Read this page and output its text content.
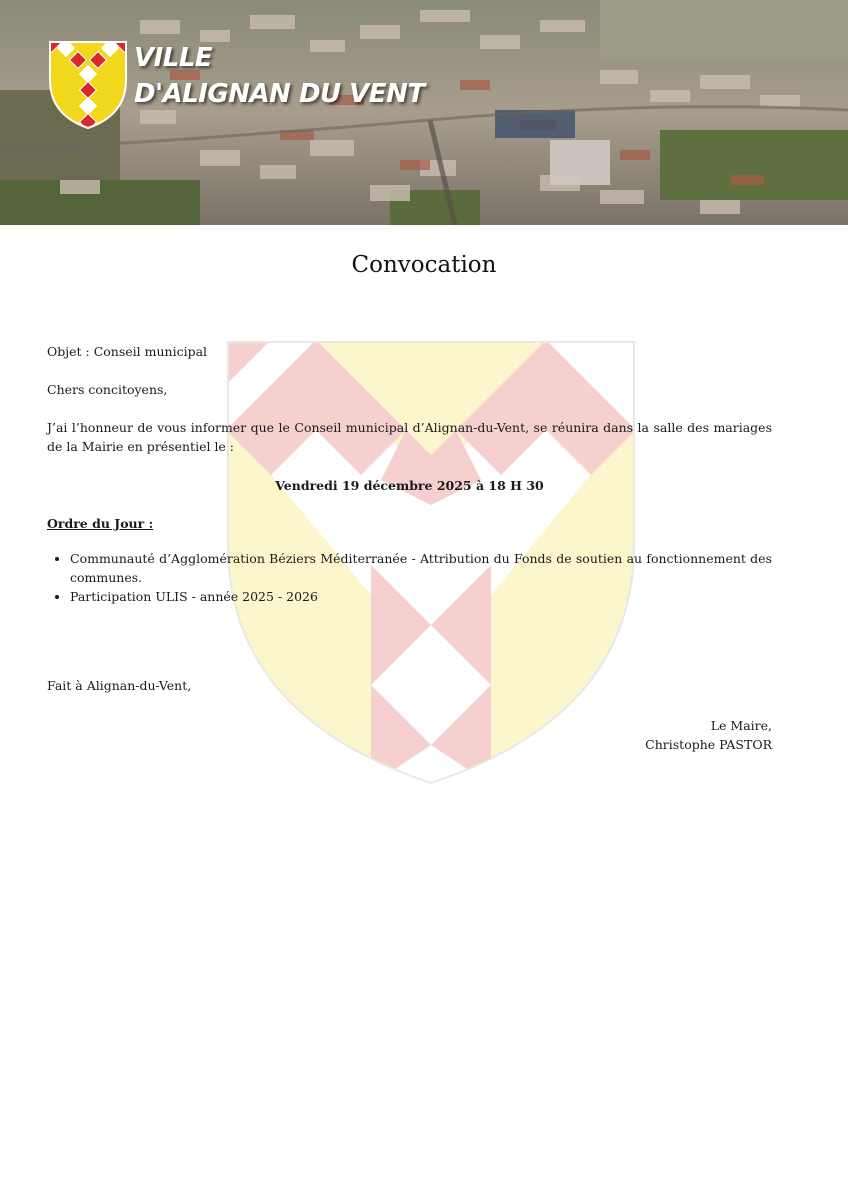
VILLE
D'ALIGNAN DU VENT
Convocation

Objet : Conseil municipal

Chers concitoyens,

J’ai l’honneur de vous informer que le Conseil municipal d’Alignan-du-Vent, se réunira dans la salle des mariages de la Mairie en présentiel le :

Vendredi 19 décembre 2025 à 18 H 30

Ordre du Jour :

• Communauté d’Agglomération Béziers Méditerranée - Attribution du Fonds de soutien au fonctionnement des communes.
• Participation ULIS - année 2025 - 2026
Fait à Alignan-du-Vent,
Le Maire,
Christophe PASTOR
